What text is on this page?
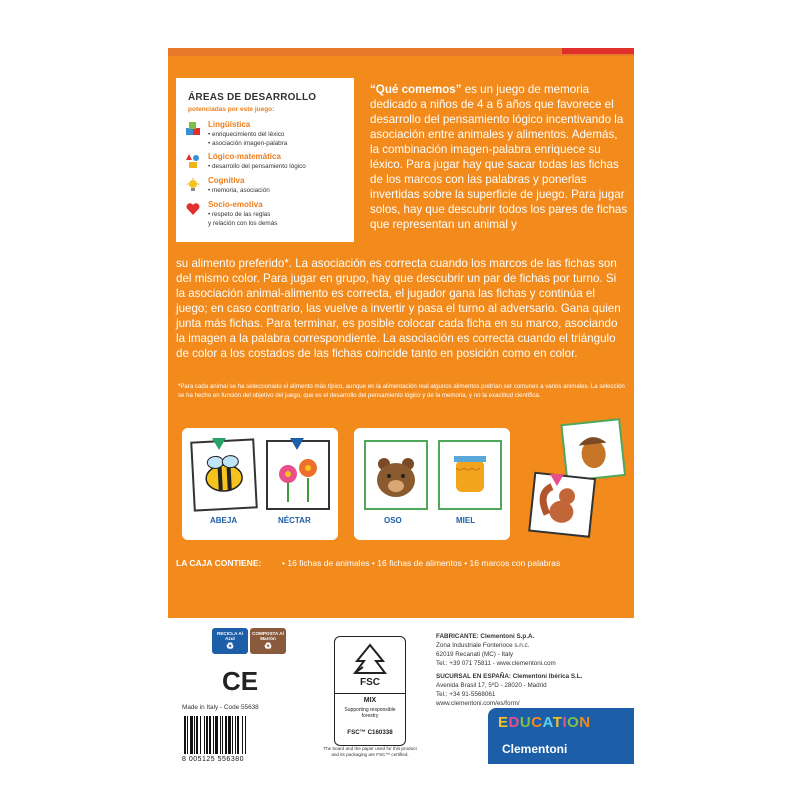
ÁREAS DE DESARROLLO
potenciadas por este juego:
Lingüística
• enriquecimiento del léxico
• asociación imagen-palabra
Lógico-matemática
• desarrollo del pensamiento lógico
Cognitiva
• memoria, asociación
Socio-emotiva
• respeto de las reglas
y relación con los demás

“Qué comemos” es un juego de memoria dedicado a niños de 4 a 6 años que favorece el desarrollo del pensamiento lógico incentivando la asociación entre animales y alimentos. Además, la combinación imagen-palabra enriquece su léxico. Para jugar hay que sacar todas las fichas de los marcos con las palabras y ponerlas invertidas sobre la superficie de juego. Para jugar solos, hay que descubrir todos los pares de fichas que representan un animal y

su alimento preferido*. La asociación es correcta cuando los marcos de las fichas son del mismo color. Para jugar en grupo, hay que descubrir un par de fichas por turno. Si la asociación animal-alimento es correcta, el jugador gana las fichas y continúa el juego; en caso contrario, las vuelve a invertir y pasa el turno al adversario. Gana quien junta más fichas. Para terminar, es posible colocar cada ficha en su marco, asociando la imagen a la palabra correspondiente. La asociación es correcta cuando el triángulo de color a los costados de las fichas coincide tanto en posición como en color.

*Para cada animal se ha seleccionado el alimento más típico, aunque en la alimentación real algunos alimentos podrían ser comunes a varios animales. La selección se ha hecho en función del objetivo del juego, que es el desarrollo del pensamiento lógico y de la memoria, y no la exactitud científica.

ABEJA	NÉCTAR	OSO	MIEL
LA CAJA CONTIENE: • 16 fichas de animales • 16 fichas de alimentos • 16 marcos con palabras
RECICLA Al Azul
♻
COMPOSTA Al Marrón
♻
CE
Made in Italy - Code 55638
8 005125 556380
FSC
MIX
Supporting responsible forestry
FSC™ C160338
The board and the paper used for this product and its packaging are FSC™ certified.
FABRICANTE: Clementoni S.p.A.
Zona Industriale Fontenoce s.n.c.
62019 Recanati (MC) - Italy
Tel.: +39 071 75811 - www.clementoni.com
SUCURSAL EN ESPAÑA: Clementoni Ibérica S.L.
Avenida Brasil 17, 5ºD - 28020 - Madrid
Tel.: +34 91-5568061
www.clementoni.com/es/form/
EDUCATION
Clementoni
